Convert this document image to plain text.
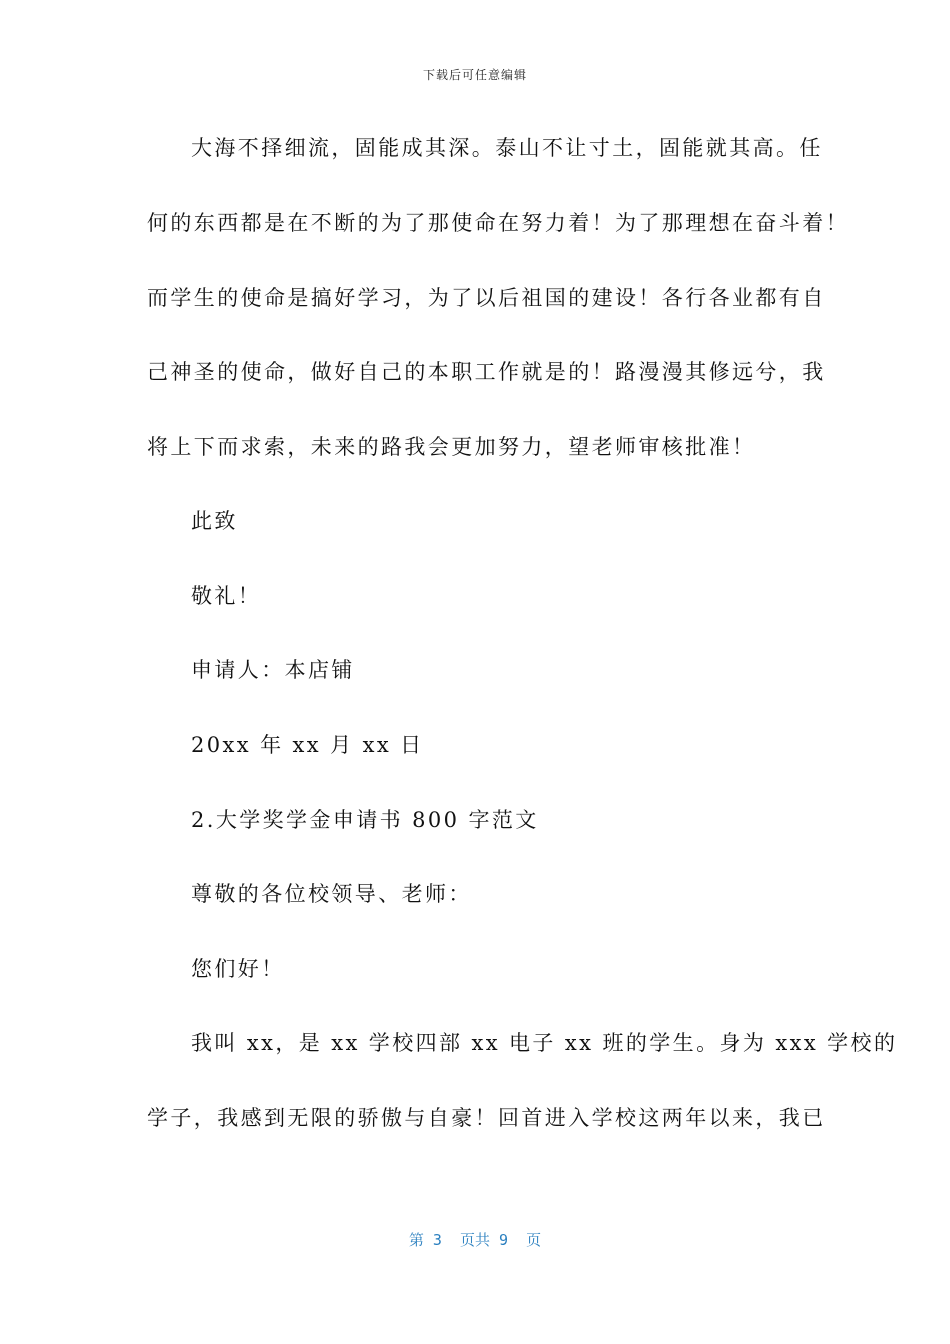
下载后可任意编辑
大海不择细流，固能成其深。泰山不让寸土，固能就其高。任
何的东西都是在不断的为了那使命在努力着！为了那理想在奋斗着！
而学生的使命是搞好学习，为了以后祖国的建设！各行各业都有自
己神圣的使命，做好自己的本职工作就是的！路漫漫其修远兮，我
将上下而求索，未来的路我会更加努力，望老师审核批准！
此致
敬礼！
申请人：本店铺
20xx 年 xx 月 xx 日
2.大学奖学金申请书 800 字范文
尊敬的各位校领导、老师：
您们好！
我叫 xx，是 xx 学校四部 xx 电子 xx 班的学生。身为 xxx 学校的
学子，我感到无限的骄傲与自豪！回首进入学校这两年以来，我已
第 3  页共 9  页
